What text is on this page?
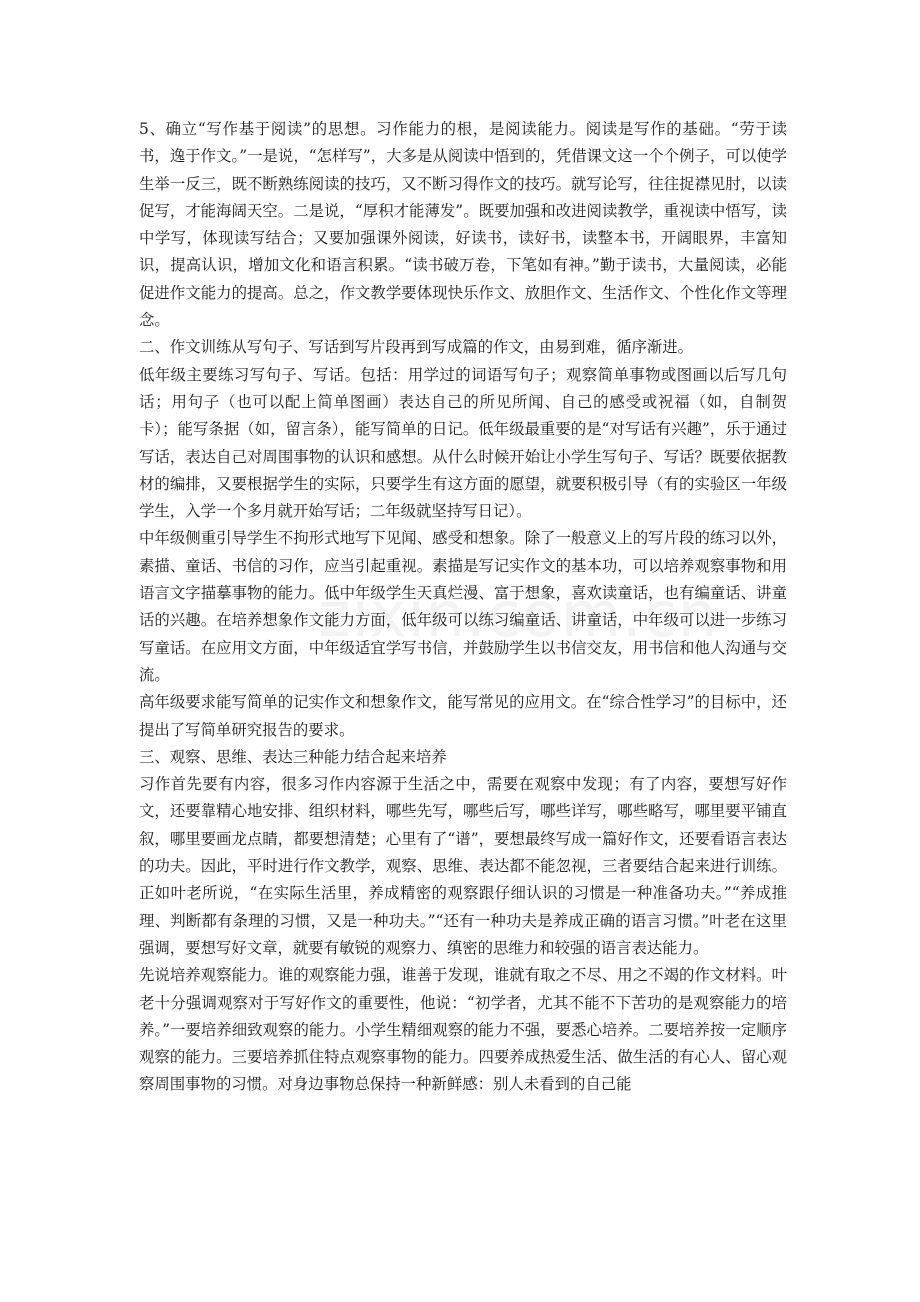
5、确立“写作基于阅读”的思想。习作能力的根，是阅读能力。阅读是写作的基础。“劳于读书，逸于作文。”一是说，“怎样写”，大多是从阅读中悟到的，凭借课文这一个个例子，可以使学生举一反三，既不断熟练阅读的技巧，又不断习得作文的技巧。就写论写，往往捉襟见肘，以读促写，才能海阔天空。二是说，“厚积才能薄发”。既要加强和改进阅读教学，重视读中悟写，读中学写，体现读写结合；又要加强课外阅读，好读书，读好书，读整本书，开阔眼界，丰富知识，提高认识，增加文化和语言积累。“读书破万卷，下笔如有神。”勤于读书，大量阅读，必能促进作文能力的提高。总之，作文教学要体现快乐作文、放胆作文、生活作文、个性化作文等理念。

二、作文训练从写句子、写话到写片段再到写成篇的作文，由易到难，循序渐进。

低年级主要练习写句子、写话。包括：用学过的词语写句子；观察简单事物或图画以后写几句话；用句子（也可以配上简单图画）表达自己的所见所闻、自己的感受或祝福（如，自制贺卡）；能写条据（如，留言条），能写简单的日记。低年级最重要的是“对写话有兴趣”，乐于通过写话，表达自己对周围事物的认识和感想。从什么时候开始让小学生写句子、写话？既要依据教材的编排，又要根据学生的实际，只要学生有这方面的愿望，就要积极引导（有的实验区一年级学生，入学一个多月就开始写话；二年级就坚持写日记）。

中年级侧重引导学生不拘形式地写下见闻、感受和想象。除了一般意义上的写片段的练习以外，素描、童话、书信的习作，应当引起重视。素描是写记实作文的基本功，可以培养观察事物和用语言文字描摹事物的能力。低中年级学生天真烂漫、富于想象，喜欢读童话，也有编童话、讲童话的兴趣。在培养想象作文能力方面，低年级可以练习编童话、讲童话，中年级可以进一步练习写童话。在应用文方面，中年级适宜学写书信，并鼓励学生以书信交友，用书信和他人沟通与交流。

高年级要求能写简单的记实作文和想象作文，能写常见的应用文。在“综合性学习”的目标中，还提出了写简单研究报告的要求。

三、观察、思维、表达三种能力结合起来培养

习作首先要有内容，很多习作内容源于生活之中，需要在观察中发现；有了内容，要想写好作文，还要靠精心地安排、组织材料，哪些先写，哪些后写，哪些详写，哪些略写，哪里要平铺直叙，哪里要画龙点睛，都要想清楚；心里有了“谱”，要想最终写成一篇好作文，还要看语言表达的功夫。因此，平时进行作文教学，观察、思维、表达都不能忽视，三者要结合起来进行训练。正如叶老所说，“在实际生活里，养成精密的观察跟仔细认识的习惯是一种准备功夫。”“养成推理、判断都有条理的习惯，又是一种功夫。”“还有一种功夫是养成正确的语言习惯。”叶老在这里强调，要想写好文章，就要有敏锐的观察力、缜密的思维力和较强的语言表达能力。

先说培养观察能力。谁的观察能力强，谁善于发现，谁就有取之不尽、用之不竭的作文材料。叶老十分强调观察对于写好作文的重要性，他说：“初学者，尤其不能不下苦功的是观察能力的培养。”一要培养细致观察的能力。小学生精细观察的能力不强，要悉心培养。二要培养按一定顺序观察的能力。三要培养抓住特点观察事物的能力。四要养成热爱生活、做生活的有心人、留心观察周围事物的习惯。对身边事物总保持一种新鲜感：别人未看到的自己能
